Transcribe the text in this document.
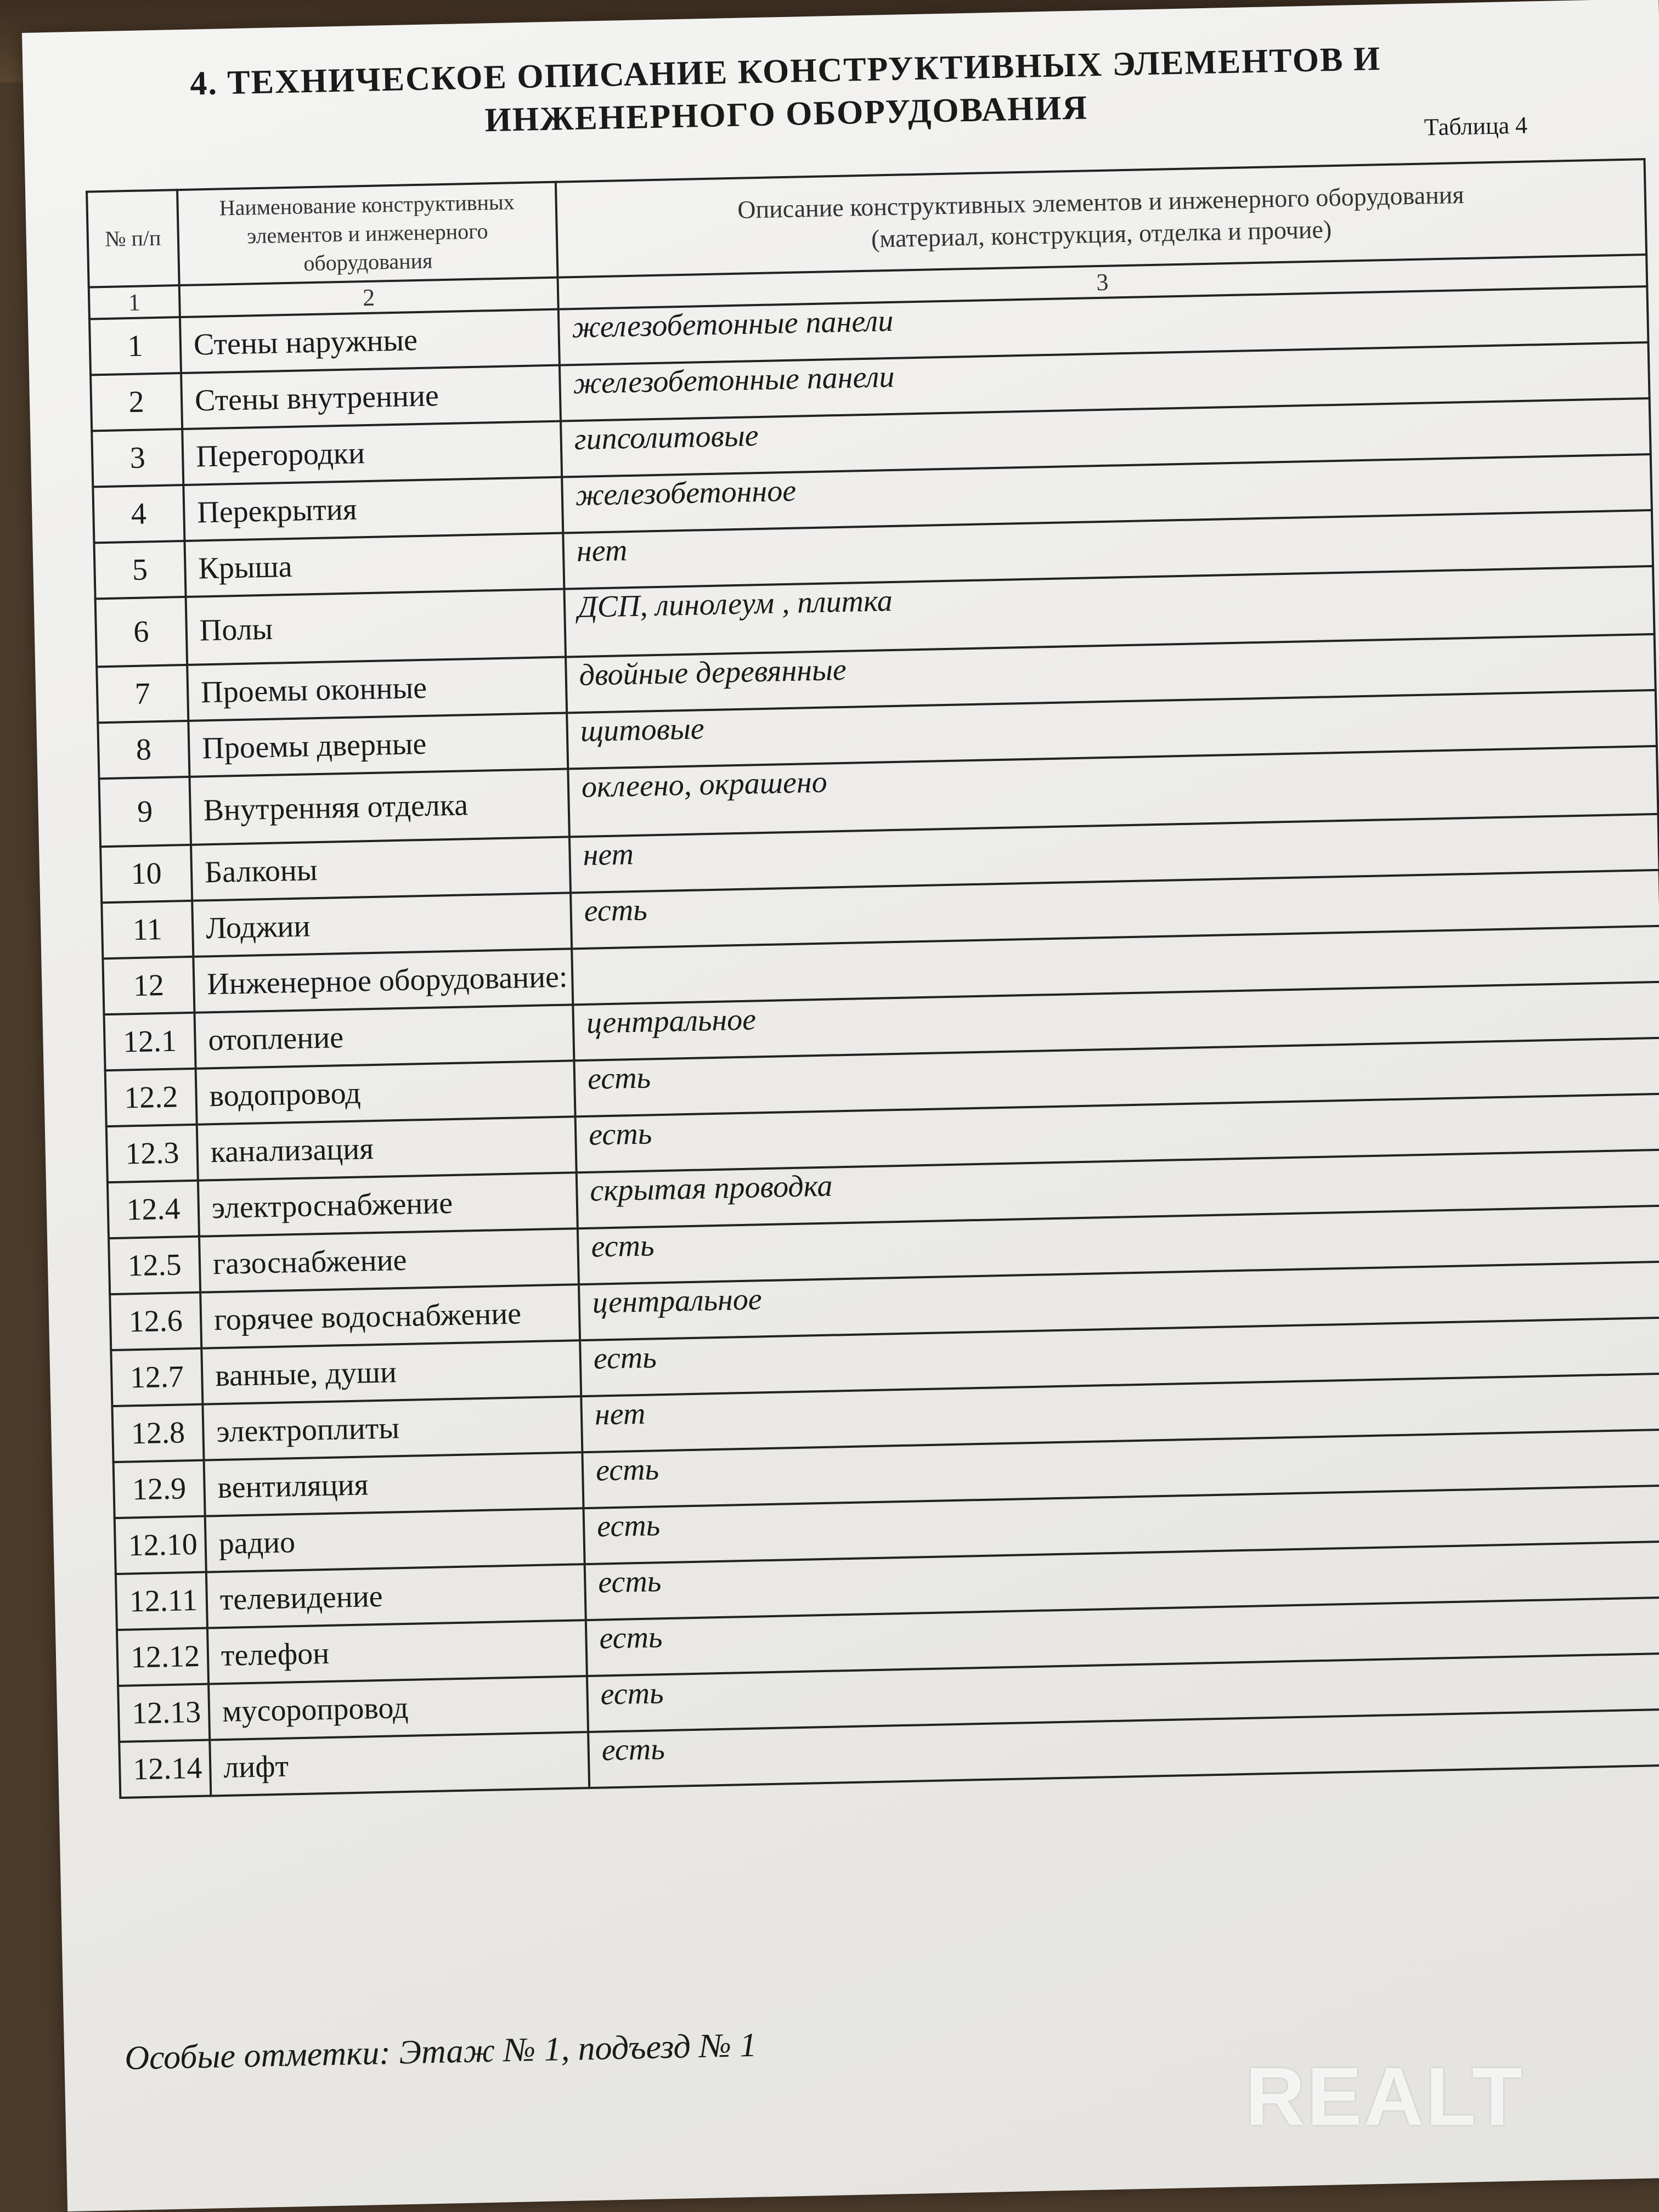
4. ТЕХНИЧЕСКОЕ ОПИСАНИЕ КОНСТРУКТИВНЫХ ЭЛЕМЕНТОВ И
ИНЖЕНЕРНОГО ОБОРУДОВАНИЯ	Таблица 4
№ п/п	Наименование конструктивных элементов и инженерного оборудования	Описание конструктивных элементов и инженерного оборудования
(материал, конструкция, отделка и прочие)

1	2	3
1	Стены наружные	железобетонные панели
2	Стены внутренние	железобетонные панели
3	Перегородки	гипсолитовые
4	Перекрытия	железобетонное
5	Крыша	нет
6	Полы	ДСП, линолеум , плитка
7	Проемы оконные	двойные деревянные
8	Проемы дверные	щитовые
9	Внутренняя отделка	оклеено, окрашено
10	Балконы	нет
11	Лоджии	есть
12	Инженерное оборудование:	
12.1	отопление	центральное
12.2	водопровод	есть
12.3	канализация	есть
12.4	электроснабжение	скрытая проводка
12.5	газоснабжение	есть
12.6	горячее водоснабжение	центральное
12.7	ванные, души	есть
12.8	электроплиты	нет
12.9	вентиляция	есть
12.10	радио	есть
12.11	телевидение	есть
12.12	телефон	есть
12.13	мусоропровод	есть
12.14	лифт	есть
Особые отметки: Этаж № 1, подъезд № 1	REALT
